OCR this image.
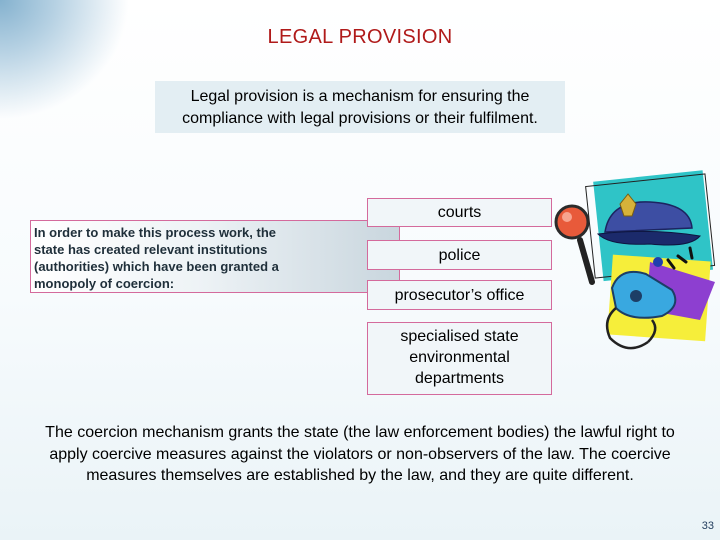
LEGAL PROVISION
Legal provision is a mechanism for ensuring the compliance with legal provisions or their fulfilment.
In order to make this process work, the state has created relevant institutions (authorities) which have been granted a monopoly of coercion:
courts
police
prosecutor’s office
specialised state environmental departments
The coercion mechanism grants the state (the law enforcement bodies) the lawful right to apply coercive measures against the violators or non-observers of the law. The coercive measures themselves are established by the law, and they are quite different.
33
